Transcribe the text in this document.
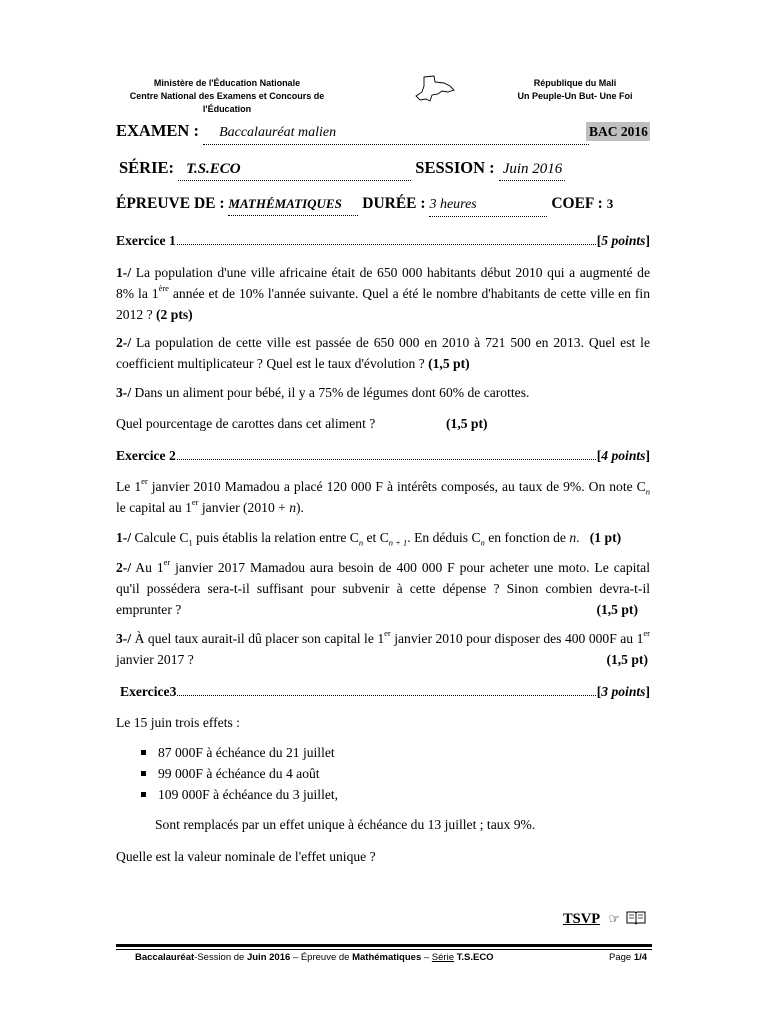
Ministère de l'Éducation Nationale
Centre National des Examens et Concours de l'Éducation
République du Mali
Un Peuple-Un But- Une Foi
EXAMEN : Baccalauréat malien	BAC 2016
SÉRIE: T.S.ECO	SESSION : Juin 2016
ÉPREUVE DE : MATHÉMATIQUES DURÉE : 3 heures	COEF : 3
Exercice 1	[5 points]

1-/ La population d'une ville africaine était de 650 000 habitants début 2010 qui a augmenté de 8% la 1ère année et de 10% l'année suivante. Quel a été le nombre d'habitants de cette ville en fin 2012 ? (2 pts)

2-/ La population de cette ville est passée de 650 000 en 2010 à 721 500 en 2013. Quel est le coefficient multiplicateur ? Quel est le taux d'évolution ? (1,5 pt)

3-/ Dans un aliment pour bébé, il y a 75% de légumes dont 60% de carottes.

Quel pourcentage de carottes dans cet aliment ?	(1,5 pt)

Exercice 2	[4 points]

Le 1er janvier 2010 Mamadou a placé 120 000 F à intérêts composés, au taux de 9%. On note $C_n$ le capital au 1er janvier (2010 + n).

1-/ Calcule $C_1$ puis établis la relation entre $C_n$ et $C_{n + 1}$. En déduis $C_n$ en fonction de n. (1 pt)

2-/ Au 1er janvier 2017 Mamadou aura besoin de 400 000 F pour acheter une moto. Le capital qu'il possédera sera-t-il suffisant pour subvenir à cette dépense ? Sinon combien devra-t-il emprunter ?	(1,5 pt)

3-/ À quel taux aurait-il dû placer son capital le 1er janvier 2010 pour disposer des 400 000F au 1er janvier 2017 ?	(1,5 pt)

Exercice3	[3 points]

Le 15 juin trois effets :

87 000F à échéance du 21 juillet
99 000F à échéance du 4 août
109 000F à échéance du 3 juillet,

Sont remplacés par un effet unique à échéance du 13 juillet ; taux 9%.

Quelle est la valeur nominale de l'effet unique ?

TSVP ☞
Baccalauréat-Session de Juin 2016 – Épreuve de Mathématiques – Série T.S.ECO	Page 1/4
